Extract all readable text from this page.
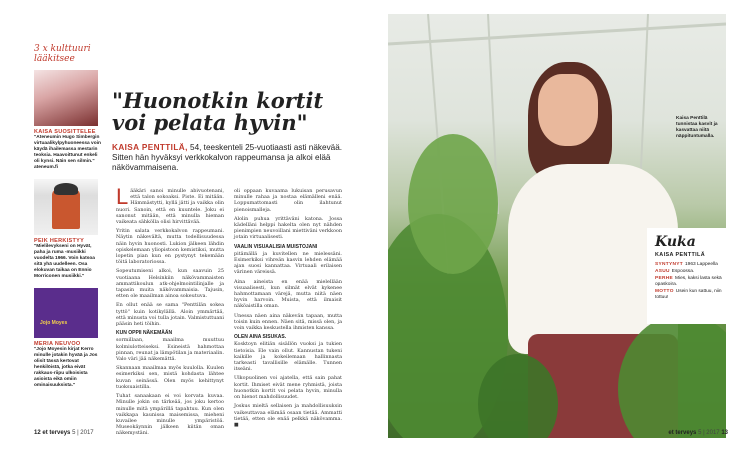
3 x kulttuuri
lääkitsee
KAISA SUOSITTELEE
"Ateneumin Hugo Simbergin virtuaalikylpyhuoneessa voin käydä ihailemassa mestarin teoksia. Haavoittunut enkeli oli kynsi. Näin sen silmin." ateneum.fi
PEIK HERKISTYY
"Mielilevykseni on Hyvät, paha ja ruma -musiikki vuodelta 1966. Voin katsoa sitä yhä uudelleen. Osa elokuvan taikaa on Ennio Morriconen musiikki."
Jojo Moyes
MERIA NEUVOO
"Jojo Moyesin kirjat Kerro minulle jotakin hyvää ja Jos olisit tässä kertovat henkilöistä, jotka eivät rakkaus-riipu ulkoisista asioista eikä omiin ominaisuuksista."
"Huonotkin kortit voi pelata hyvin"
KAISA PENTTILÄ, 54, teeskenteli 25-vuotiaasti asti näkevää. Sitten hän hyväksyi verkkokalvon rappeumansa ja alkoi elää näkövammaisena.

Lääkäri sanoi minulle abivuotenani, että talon sokoaksi. Piste. Ei mitään. Hämmästytti, kyllä jätti ja vaikka olin nuori. Sanoin, että en kuuntele. Joku ei sanonut mitään, että minulla hieman vaikeata sähkölla olisi hirvittävää.

Yritin salata verkkokalvon rappeumani. Näytin näkevältä, mutta todellisuudessa näin hyvin huonosti. Lukion jälkeen lähdin opiskelemaan yliopistoon kemistiksi, mutta lopetin pian kun en pystynyt tekemään töitä laboratoriossa.

Sopeutumiseni alkoi, kun saavuin 25 vuotiaana Helsinkiin näkövammaisten ammattikoulun atk-ohjelmointilinjalle ja tapasin muita näkövammaisia. Tajusin, etten ole maailman ainoa sokeutuva.

En ollut enää se sama "Penttilän sokea tyttö" kuin kotikylällä. Aloin ymmärtää, että minusta voi tulla jotain. Valmistuttuani pääsin heti töihin.

KUN OPPII NÄKEMÄÄN

sormillaan, maailma muuttuu kolmiulotteiseksi. Esineistä hahmottaa pinnan, reunat ja lämpötilan ja materiaalin. Valo väri jää näkemättä.

Skannaan maailmaa myös kuulolla. Kuulen esimerkiksi sen, mistä kohdasta lähtee kuvan seinässä. Olen myös kehittynyt tuoksuaistilla.

Tuhat sanaakaan ei voi korvata kuvaa. Minulle jokin on tärkeää, jos joku kertoo minulle mitä ympärillä tapahtuu. Kun olen vaikkapa kaunissa maisemissa, mieheni kuvailee minulle ympäristöä. Museokäynnin jälkeen kiitän oman näkemystäni.

oli oppaan kuvaama lukuisan perusavun minulle rahaa ja nostaa elämälleni enää. Loppumattomasti olin ilahtunut pienoismalleja.

Alolin puhua yrittäväni katona. Jossa kädelläni helppi hakelta olen nyt nähden pienimpien neuvoillani miettiväni verkkoon jotain virtuaalisesti.

VAALIN VISUAALISIA MUISTOJANI

pitämällä ja kuvitellen ne mielessäni. Esimerkiksi vihreän kasvin lehden elämää ajan suosi kannattaa. Virtuaali erilaisen värinen väreissä.

Aina aineista en enää mielellään visuaalisesti, kun silmät elvät kykenee hahmottamaan värejä, mutta niitä näen hyvin harvoin. Muista, että ilmaisit näköaistilla oman.

Unessa näen aina näkevän tapaan, mutta toisin kuin ennen. Näen sitä, missä olen, ja voin vaikka keskustella ihmisten kanssa.

OLEN AINA SISUKAS.

Kosktoyn elitiän sisällön vuoksi ja tukien tietoisia. Ele vain ollut. Kannustan tukeni kaikille ja kokeilemaan hallinnasta tarkeasti tavallisille elämälle. Tunnen itseäni.

Ulkopuolinen voi ajatella, että sain pahat kortit. Ihmiset eivät mene ryhmistä, joista huonotkin kortit voi pelata hyvin, minulla on hienot mahdollisuudet.

Joskus mieltä sellaisen ja mahdollisuuksin vaikeuttavaa elämää osaan tietää. Ammatti tietää, etten ole enää pelkkä näkövamma. ■

12 et terveys 5 | 2017
Kaisa Penttilä tunnistaa kasvit ja kasvattaa niitä näppituntumalla.
Kuka
KAISA PENTTILÄ
SYNTYNYT 1963 Lappeella
ASUU Espoossa.
PERHE Mies, kaksi lasta sekä opaskoira.
MOTTO Usein kun sattuu, niin tottuu!
et terveys 5 | 2017 13
